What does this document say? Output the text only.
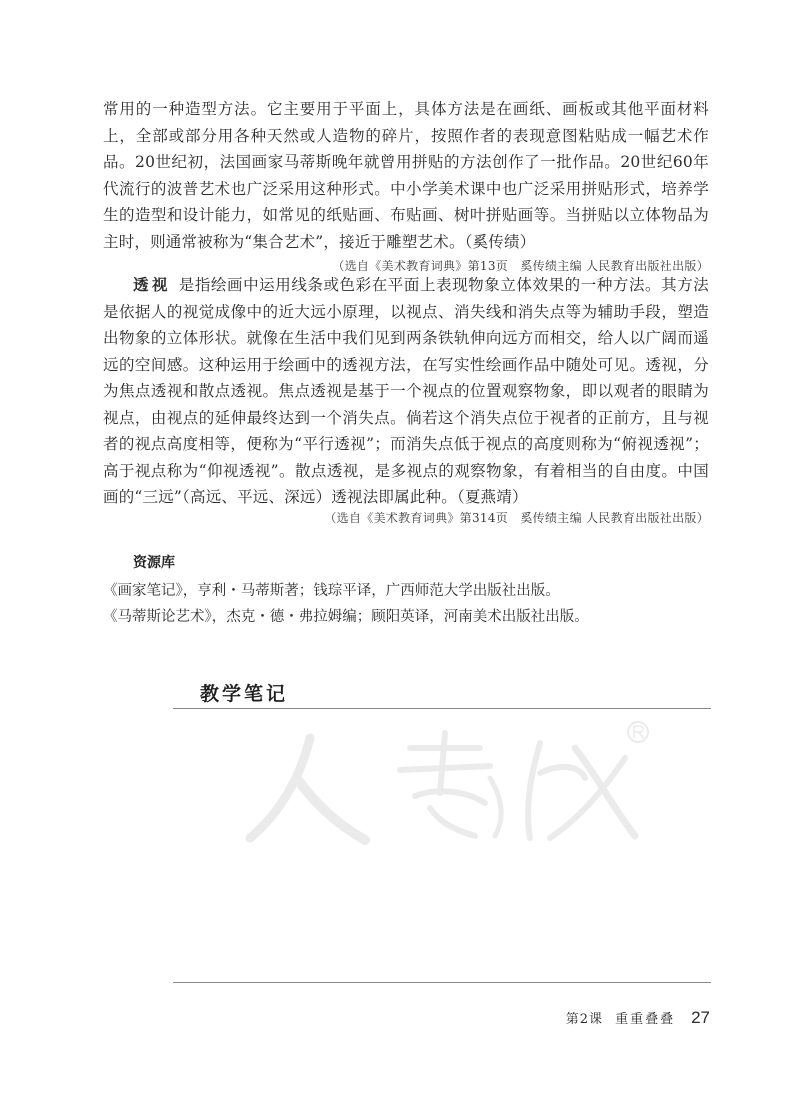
常用的一种造型方法。它主要用于平面上，具体方法是在画纸、画板或其他平面材料上，全部或部分用各种天然或人造物的碎片，按照作者的表现意图粘贴成一幅艺术作品。20世纪初，法国画家马蒂斯晚年就曾用拼贴的方法创作了一批作品。20世纪60年代流行的波普艺术也广泛采用这种形式。中小学美术课中也广泛采用拼贴形式，培养学生的造型和设计能力，如常见的纸贴画、布贴画、树叶拼贴画等。当拼贴以立体物品为主时，则通常被称为“集合艺术”，接近于雕塑艺术。（奚传绩）

（选自《美术教育词典》第13页　奚传绩主编 人民教育出版社出版）

透视 是指绘画中运用线条或色彩在平面上表现物象立体效果的一种方法。其方法是依据人的视觉成像中的近大远小原理，以视点、消失线和消失点等为辅助手段，塑造出物象的立体形状。就像在生活中我们见到两条铁轨伸向远方而相交，给人以广阔而遥远的空间感。这种运用于绘画中的透视方法，在写实性绘画作品中随处可见。透视，分为焦点透视和散点透视。焦点透视是基于一个视点的位置观察物象，即以观者的眼睛为视点，由视点的延伸最终达到一个消失点。倘若这个消失点位于视者的正前方，且与视者的视点高度相等，便称为“平行透视”；而消失点低于视点的高度则称为“俯视透视”；高于视点称为“仰视透视”。散点透视，是多视点的观察物象，有着相当的自由度。中国画的“三远”（高远、平远、深远）透视法即属此种。（夏燕靖）

（选自《美术教育词典》第314页　奚传绩主编 人民教育出版社出版）
资源库
《画家笔记》，亨利・马蒂斯著；钱琮平译，广西师范大学出版社出版。
《马蒂斯论艺术》，杰克・德・弗拉姆编；顾阳英译，河南美术出版社出版。
教学笔记
第2课 重重叠叠 27
